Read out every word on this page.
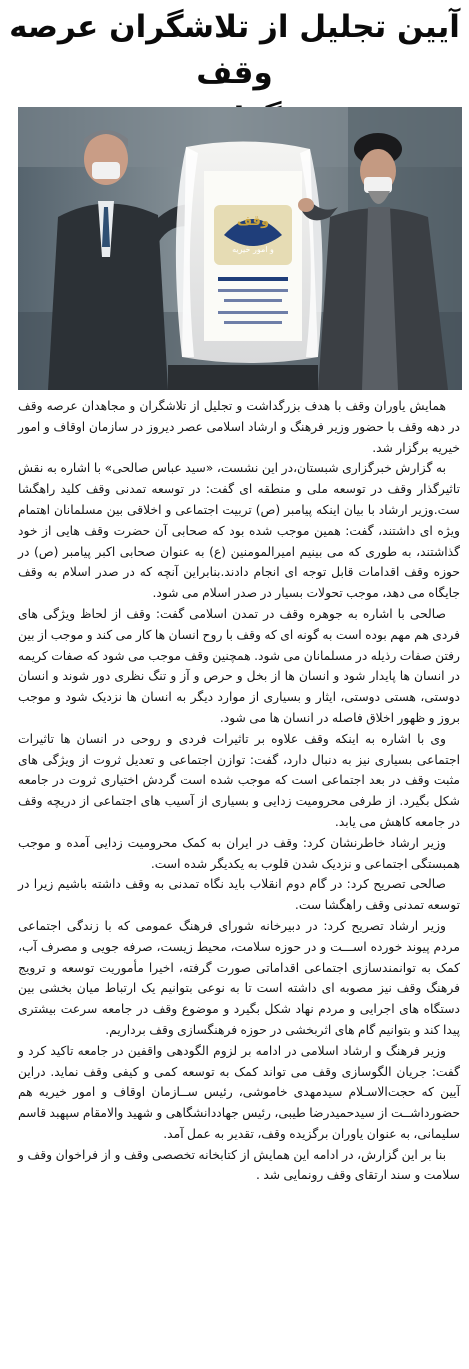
آیین تجلیل از تلاشگران عرصه وقف

وقف
و امور خیریه

همایش یاوران وقف با هدف بزرگداشت و تجلیل از تلاشگران و مجاهدان عرصه وقف در دهه وقف با حضور وزیر فرهنگ و ارشاد اسلامی عصر دیروز در سازمان اوقاف و امور خیریه برگزار شد.

به گزارش خبرگزاری شبستان،در این نشست، «سید عباس صالحی» با اشاره به نقش تاثیرگذار وقف در توسعه ملی و منطقه ای گفت: در توسعه تمدنی وقف کلید راهگشا ست.وزیر ارشاد با بیان اینکه پیامبر (ص) تربیت اجتماعی و اخلاقی بین مسلمانان اهتمام ویژه ای داشتند، گفت: همین موجب شده بود که صحابی آن حضرت وقف هایی از خود گذاشتند، به طوری که می بینیم امیرالمومنین (ع) به عنوان صحابی اکبر پیامبر (ص) در حوزه وقف اقدامات قابل توجه ای انجام دادند.بنابراین آنچه که در صدر اسلام به وقف جایگاه می دهد، موجب تحولات بسیار در صدر اسلام می شود.

صالحی با اشاره به جوهره وقف در تمدن اسلامی گفت: وقف از لحاظ ویژگی های فردی هم مهم بوده است به گونه ای که وقف با روح انسان ها کار می کند و موجب از بین رفتن صفات رذیله در مسلمانان می شود. همچنین وقف موجب می شود که صفات کریمه در انسان ها پایدار شود و انسان ها از بخل و حرص و آز و تنگ نظری دور شوند و انسان دوستی، هستی دوستی، ایثار و بسیاری از موارد دیگر به انسان ها نزدیک شود و موجب بروز و ظهور اخلاق فاصله در انسان ها می شود.

وی با اشاره به اینکه وقف علاوه بر تاثیرات فردی و روحی در انسان ها تاثیرات اجتماعی بسیاری نیز به دنبال دارد، گفت: توازن اجتماعی و تعدیل ثروت از ویژگی های مثبت وقف در بعد اجتماعی است که موجب شده است گردش اختیاری ثروت در جامعه شکل بگیرد. از طرفی محرومیت زدایی و بسیاری از آسیب های اجتماعی از دریچه وقف در جامعه کاهش می یابد.

وزیر ارشاد خاطرنشان کرد: وقف در ایران به کمک محرومیت زدایی آمده و موجب همبستگی اجتماعی و نزدیک شدن قلوب به یکدیگر شده است.

صالحی تصریح کرد: در گام دوم انقلاب باید نگاه تمدنی به وقف داشته باشیم زیرا در توسعه تمدنی وقف راهگشا ست.

وزیر ارشاد تصریح کرد: در دبیرخانه شورای فرهنگ عمومی که با زندگی اجتماعی مردم پیوند خورده اســـت و در حوزه سلامت، محیط زیست، صرفه جویی و مصرف آب، کمک به توانمندسازی اجتماعی اقداماتی صورت گرفته، اخیرا مأموریت توسعه و ترویج فرهنگ وقف نیز مصوبه ای داشته است تا به نوعی بتوانیم یک ارتباط میان بخشی بین دستگاه های اجرایی و مردم نهاد شکل بگیرد و موضوع وقف در جامعه سرعت بیشتری پیدا کند و بتوانیم گام های اثربخشی در حوزه فرهنگسازی وقف برداریم.

وزیر فرهنگ و ارشاد اسلامی در ادامه بر لزوم الگودهی واقفین در جامعه تاکید کرد و گفت: جریان الگوسازی وقف می تواند کمک به توسعه کمی و کیفی وقف نماید. دراین آیین که حجت‌الاسـلام سیدمهدی خاموشی، رئیس ســازمان اوقاف و امور خیریه هم حضورداشــت از سیدحمیدرضا طیبی، رئیس جهاددانشگاهی و شهید والامقام سپهبد قاسم سلیمانی، به عنوان یاوران برگزیده وقف، تقدیر به عمل آمد.

بنا بر این گزارش، در ادامه این همایش از کتابخانه تخصصی وقف و از فراخوان وقف و سلامت و سند ارتقای وقف رونمایی شد .
